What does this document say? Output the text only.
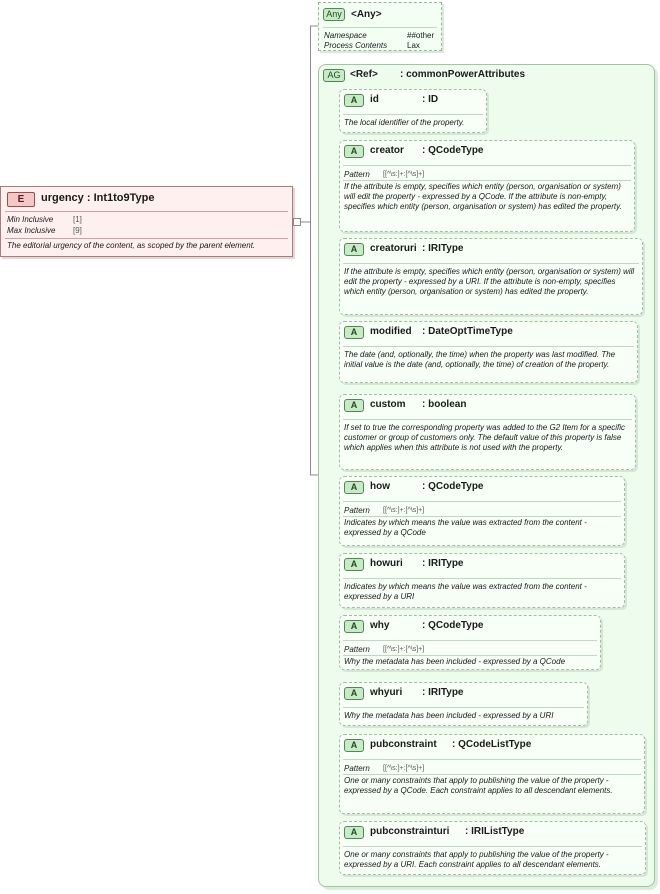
E	urgency : Int1to9Type
Min Inclusive [1]
Max Inclusive [9]
The editorial urgency of the content, as scoped by the parent element.
Any <Any>
Namespace	##other
Process Contents Lax
AG <Ref> : commonPowerAttributes
A	id	: ID
The local identifier of the property.
A	creator : QCodeType
Pattern [[^\s:]+:[^\s]+]
If the attribute is empty, specifies which entity (person, organisation or system) will edit the property - expressed by a QCode. If the attribute is non-empty, specifies which entity (person, organisation or system) has edited the property.
A	creatoruri : IRIType
If the attribute is empty, specifies which entity (person, organisation or system) will edit the property - expressed by a URI. If the attribute is non-empty, specifies which entity (person, organisation or system) has edited the property.
A	modified : DateOptTimeType
The date (and, optionally, the time) when the property was last modified. The initial value is the date (and, optionally, the time) of creation of the property.
A	custom : boolean
If set to true the corresponding property was added to the G2 Item for a specific customer or group of customers only. The default value of this property is false which applies when this attribute is not used with the property.
A	how	: QCodeType
Pattern [[^\s:]+:[^\s]+]
Indicates by which means the value was extracted from the content - expressed by a QCode
A	howuri : IRIType
Indicates by which means the value was extracted from the content - expressed by a URI
A	why	: QCodeType
Pattern [[^\s:]+:[^\s]+]
Why the metadata has been included - expressed by a QCode
A	whyuri : IRIType
Why the metadata has been included - expressed by a URI
A	pubconstraint : QCodeListType
Pattern [[^\s:]+:[^\s]+]
One or many constraints that apply to publishing the value of the property - expressed by a QCode. Each constraint applies to all descendant elements.
A	pubconstrainturi : IRIListType
One or many constraints that apply to publishing the value of the property - expressed by a URI. Each constraint applies to all descendant elements.
